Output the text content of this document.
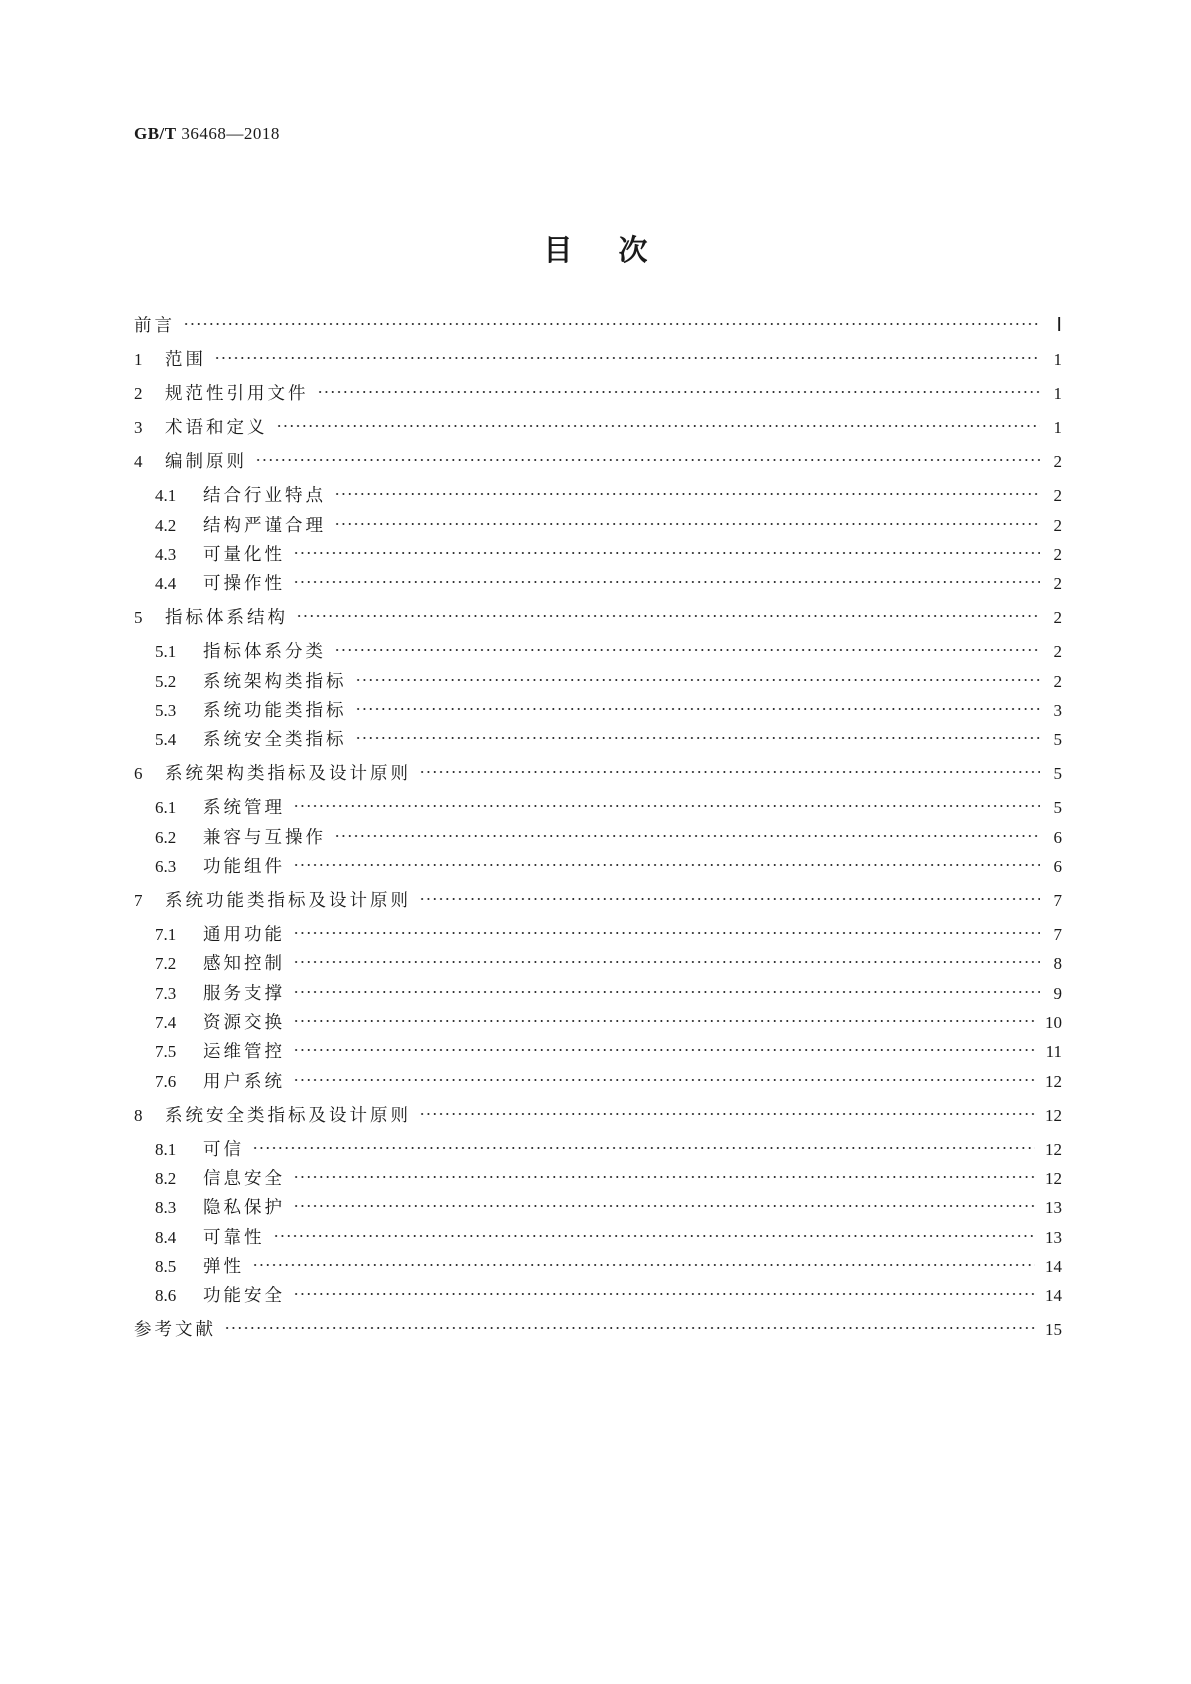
GB/T 36468—2018
目次
前言	Ⅰ
1	范围	1
2	规范性引用文件	1
3	术语和定义	1
4	编制原则	2
4.1	结合行业特点	2
4.2	结构严谨合理	2
4.3	可量化性	2
4.4	可操作性	2
5	指标体系结构	2
5.1	指标体系分类	2
5.2	系统架构类指标	2
5.3	系统功能类指标	3
5.4	系统安全类指标	5
6	系统架构类指标及设计原则	5
6.1	系统管理	5
6.2	兼容与互操作	6
6.3	功能组件	6
7	系统功能类指标及设计原则	7
7.1	通用功能	7
7.2	感知控制	8
7.3	服务支撑	9
7.4	资源交换	10
7.5	运维管控	11
7.6	用户系统	12
8	系统安全类指标及设计原则	12
8.1	可信	12
8.2	信息安全	12
8.3	隐私保护	13
8.4	可靠性	13
8.5	弹性	14
8.6	功能安全	14
参考文献	15
